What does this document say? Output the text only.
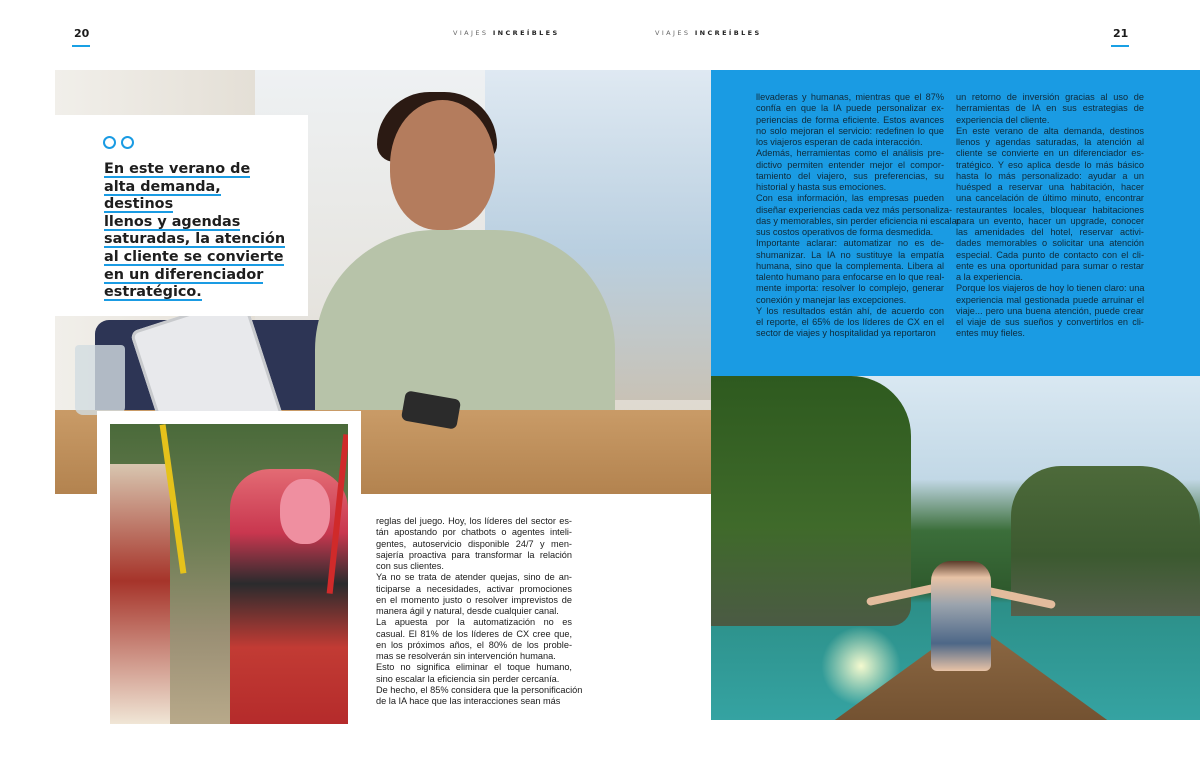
20	VIAJES INCREÍBLES	VIAJES INCREÍBLES	21
En este verano de
alta demanda, destinos
llenos y agendas
saturadas, la atención
al cliente se convierte
en un diferenciador
estratégico.
reglas del juego. Hoy, los líderes del sector es-
tán apostando por chatbots o agentes inteli-
gentes, autoservicio disponible 24/7 y men-
sajería proactiva para transformar la relación
con sus clientes.
Ya no se trata de atender quejas, sino de an-
ticiparse a necesidades, activar promociones
en el momento justo o resolver imprevistos de
manera ágil y natural, desde cualquier canal.
La apuesta por la automatización no es
casual. El 81% de los líderes de CX cree que,
en los próximos años, el 80% de los proble-
mas se resolverán sin intervención humana.
Esto no significa eliminar el toque humano,
sino escalar la eficiencia sin perder cercanía.
De hecho, el 85% considera que la personificación
de la IA hace que las interacciones sean más
llevaderas y humanas, mientras que el 87%
confía en que la IA puede personalizar ex-
periencias de forma eficiente. Estos avances
no solo mejoran el servicio: redefinen lo que
los viajeros esperan de cada interacción.
Además, herramientas como el análisis pre-
dictivo permiten entender mejor el compor-
tamiento del viajero, sus preferencias, su
historial y hasta sus emociones.
Con esa información, las empresas pueden
diseñar experiencias cada vez más personaliza-
das y memorables, sin perder eficiencia ni escalar
sus costos operativos de forma desmedida.
Importante aclarar: automatizar no es de-
shumanizar. La IA no sustituye la empatía
humana, sino que la complementa. Libera al
talento humano para enfocarse en lo que real-
mente importa: resolver lo complejo, generar
conexión y manejar las excepciones.
Y los resultados están ahí, de acuerdo con
el reporte, el 65% de los líderes de CX en el
sector de viajes y hospitalidad ya reportaron
un retorno de inversión gracias al uso de
herramientas de IA en sus estrategias de
experiencia del cliente.
En este verano de alta demanda, destinos
llenos y agendas saturadas, la atención al
cliente se convierte en un diferenciador es-
tratégico. Y eso aplica desde lo más básico
hasta lo más personalizado: ayudar a un
huésped a reservar una habitación, hacer
una cancelación de último minuto, encontrar
restaurantes locales, bloquear habitaciones
para un evento, hacer un upgrade, conocer
las amenidades del hotel, reservar activi-
dades memorables o solicitar una atención
especial. Cada punto de contacto con el cli-
ente es una oportunidad para sumar o restar
a la experiencia.
Porque los viajeros de hoy lo tienen claro: una
experiencia mal gestionada puede arruinar el
viaje... pero una buena atención, puede crear
el viaje de sus sueños y convertirlos en cli-
entes muy fieles.
